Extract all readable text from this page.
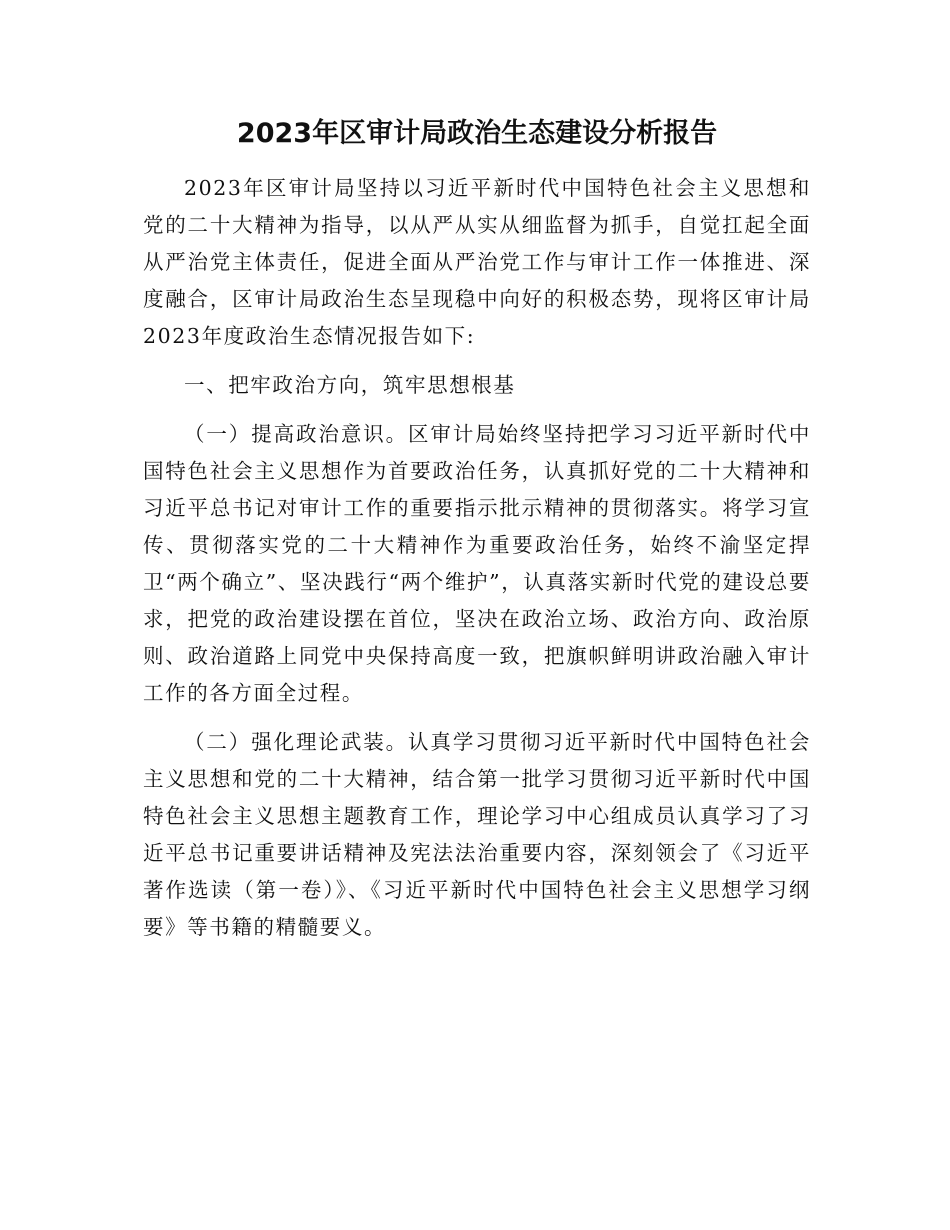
2023年区审计局政治生态建设分析报告

2023年区审计局坚持以习近平新时代中国特色社会主义思想和党的二十大精神为指导，以从严从实从细监督为抓手，自觉扛起全面从严治党主体责任，促进全面从严治党工作与审计工作一体推进、深度融合，区审计局政治生态呈现稳中向好的积极态势，现将区审计局2023年度政治生态情况报告如下:

一、把牢政治方向，筑牢思想根基

（一）提高政治意识。区审计局始终坚持把学习习近平新时代中国特色社会主义思想作为首要政治任务，认真抓好党的二十大精神和习近平总书记对审计工作的重要指示批示精神的贯彻落实。将学习宣传、贯彻落实党的二十大精神作为重要政治任务，始终不渝坚定捍卫“两个确立”、坚决践行“两个维护”，认真落实新时代党的建设总要求，把党的政治建设摆在首位，坚决在政治立场、政治方向、政治原则、政治道路上同党中央保持高度一致，把旗帜鲜明讲政治融入审计工作的各方面全过程。

（二）强化理论武装。认真学习贯彻习近平新时代中国特色社会主义思想和党的二十大精神，结合第一批学习贯彻习近平新时代中国特色社会主义思想主题教育工作，理论学习中心组成员认真学习了习近平总书记重要讲话精神及宪法法治重要内容，深刻领会了《习近平著作选读（第一卷）》、《习近平新时代中国特色社会主义思想学习纲要》等书籍的精髓要义。
